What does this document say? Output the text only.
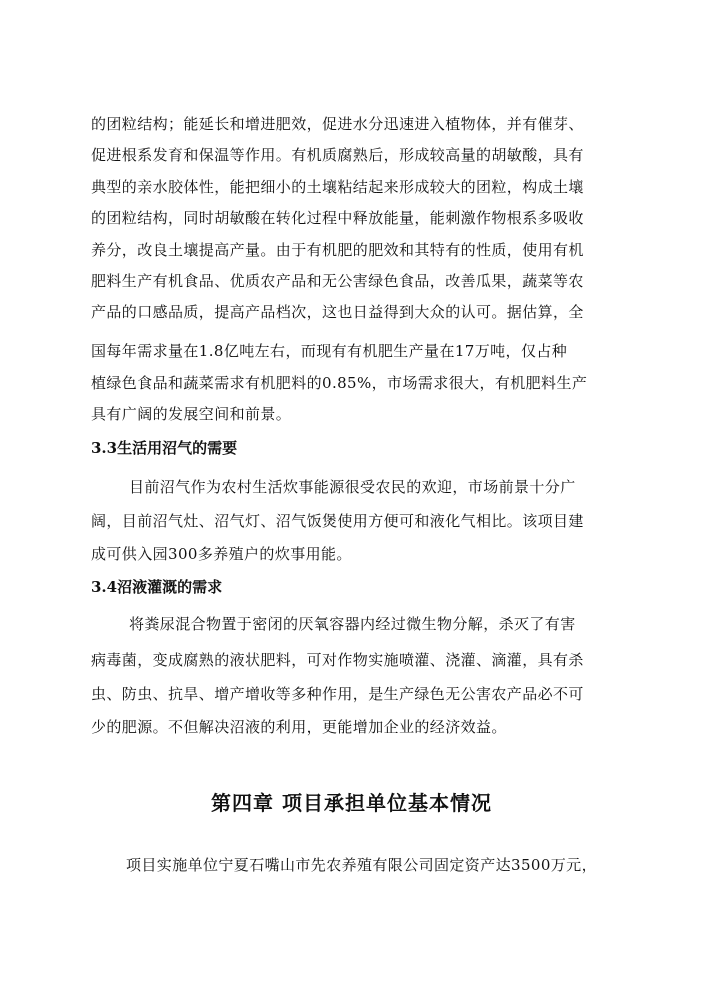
的团粒结构；能延长和增进肥效，促进水分迅速进入植物体，并有催芽、
促进根系发育和保温等作用。有机质腐熟后，形成较高量的胡敏酸，具有
典型的亲水胶体性，能把细小的土壤粘结起来形成较大的团粒，构成土壤
的团粒结构，同时胡敏酸在转化过程中释放能量，能刺激作物根系多吸收
养分，改良土壤提高产量。由于有机肥的肥效和其特有的性质，使用有机
肥料生产有机食品、优质农产品和无公害绿色食品，改善瓜果，蔬菜等农
产品的口感品质，提高产品档次，这也日益得到大众的认可。据估算，全
国每年需求量在1.8亿吨左右，而现有有机肥生产量在17万吨，仅占种
植绿色食品和蔬菜需求有机肥料的0.85%，市场需求很大，有机肥料生产
具有广阔的发展空间和前景。
3.3生活用沼气的需要
目前沼气作为农村生活炊事能源很受农民的欢迎，市场前景十分广
阔，目前沼气灶、沼气灯、沼气饭煲使用方便可和液化气相比。该项目建
成可供入园300多养殖户的炊事用能。
3.4沼液灌溉的需求
将粪尿混合物置于密闭的厌氧容器内经过微生物分解，杀灭了有害
病毒菌，变成腐熟的液状肥料，可对作物实施喷灌、浇灌、滴灌，具有杀
虫、防虫、抗旱、增产增收等多种作用，是生产绿色无公害农产品必不可
少的肥源。不但解决沼液的利用，更能增加企业的经济效益。
第四章 项目承担单位基本情况
项目实施单位宁夏石嘴山市先农养殖有限公司固定资产达3500万元，
